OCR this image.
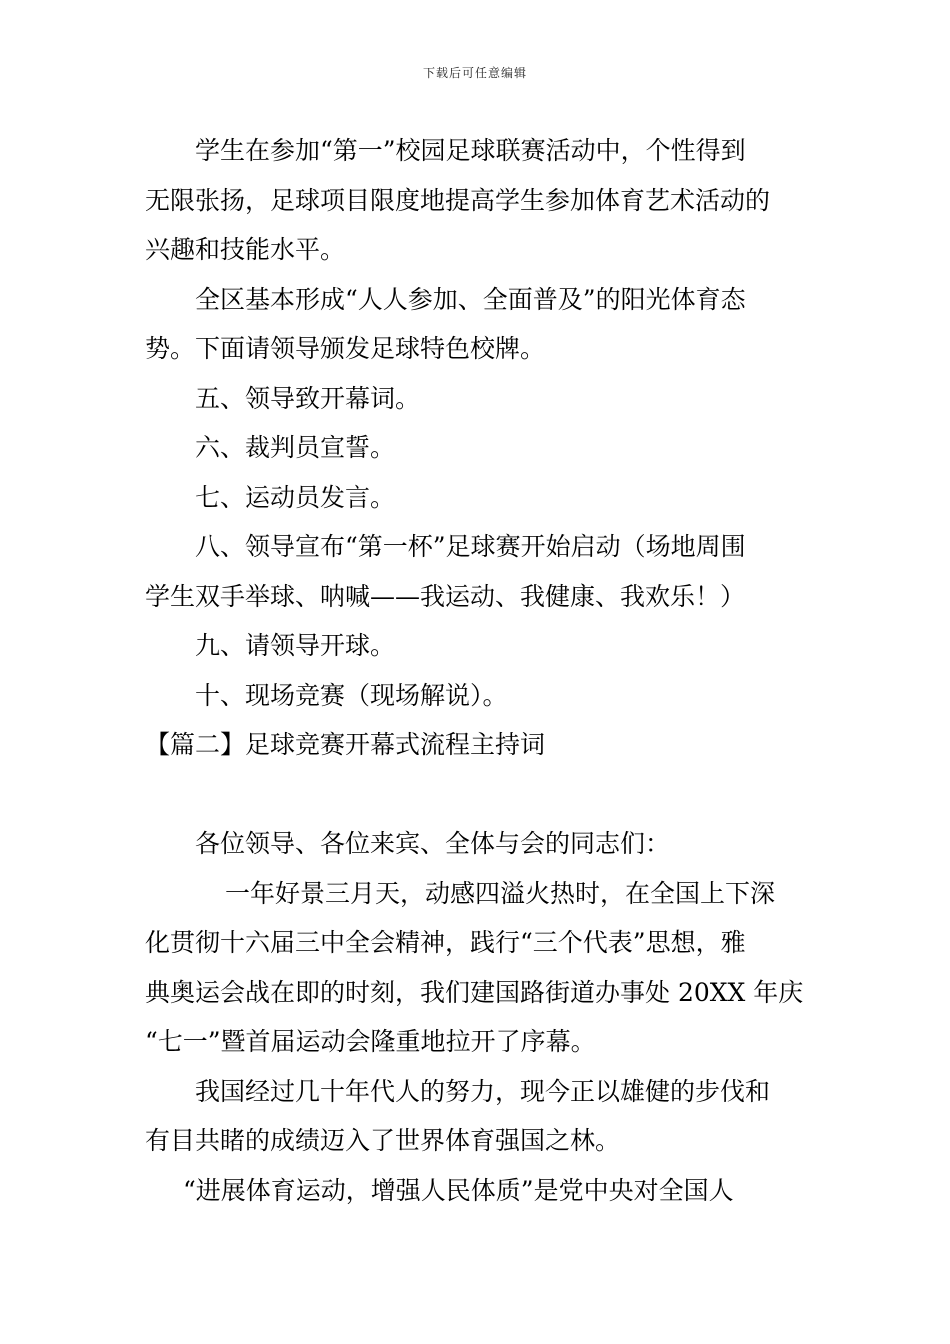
下载后可任意编辑
学生在参加“第一”校园足球联赛活动中，个性得到
无限张扬，足球项目限度地提高学生参加体育艺术活动的
兴趣和技能水平。
全区基本形成“人人参加、全面普及”的阳光体育态
势。下面请领导颁发足球特色校牌。
五、领导致开幕词。
六、裁判员宣誓。
七、运动员发言。
八、领导宣布“第一杯”足球赛开始启动（场地周围
学生双手举球、呐喊——我运动、我健康、我欢乐！）
九、请领导开球。
十、现场竞赛（现场解说）。
【篇二】足球竞赛开幕式流程主持词
各位领导、各位来宾、全体与会的同志们：
一年好景三月天，动感四溢火热时，在全国上下深
化贯彻十六届三中全会精神，践行“三个代表”思想，雅
典奥运会战在即的时刻，我们建国路街道办事处 20XX 年庆
“七一”暨首届运动会隆重地拉开了序幕。
我国经过几十年代人的努力，现今正以雄健的步伐和
有目共睹的成绩迈入了世界体育强国之林。
“进展体育运动，增强人民体质”是党中央对全国人
